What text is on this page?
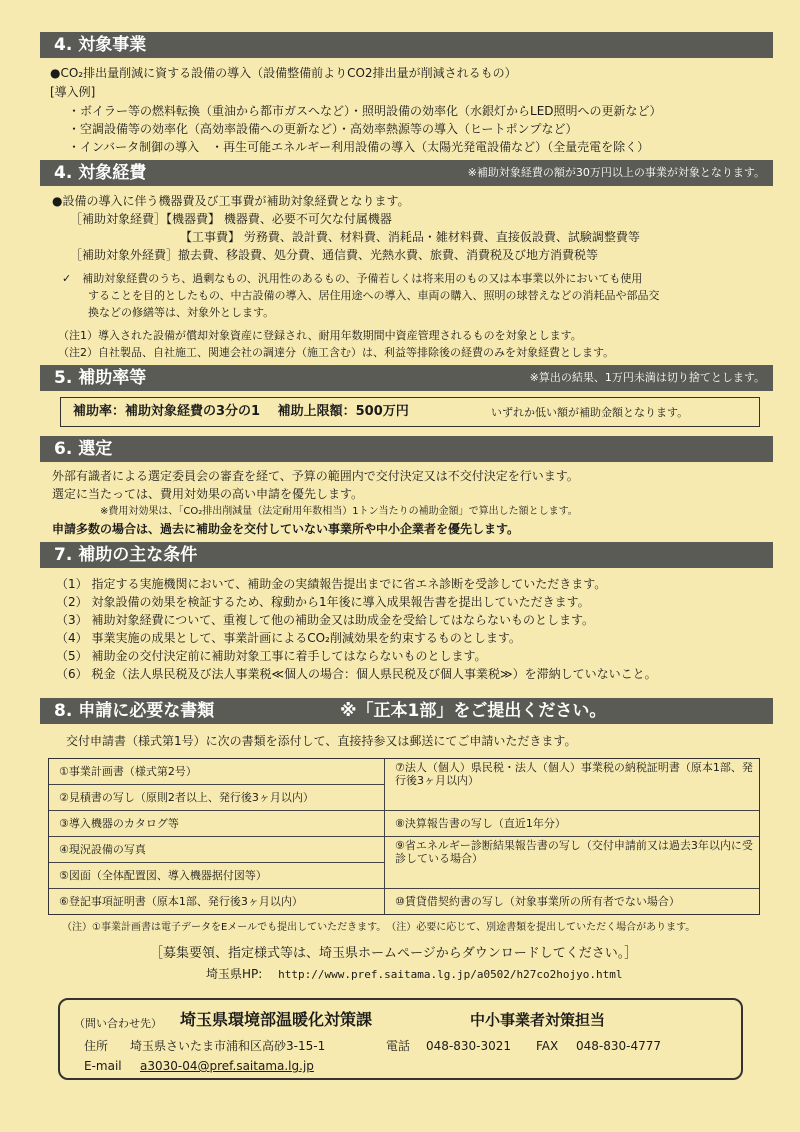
4. 対象事業
●CO₂排出量削減に資する設備の導入（設備整備前よりCO2排出量が削減されるもの）
[導入例]
・ボイラー等の燃料転換（重油から都市ガスへなど）・照明設備の効率化（水銀灯からLED照明への更新など）
・空調設備等の効率化（高効率設備への更新など）・高効率熱源等の導入（ヒートポンプなど）
・インバータ制御の導入　・再生可能エネルギー利用設備の導入（太陽光発電設備など）（全量売電を除く）
4. 対象経費	※補助対象経費の額が30万円以上の事業が対象となります。
●設備の導入に伴う機器費及び工事費が補助対象経費となります。
［補助対象経費］【機器費】 機器費、必要不可欠な付属機器
【工事費】 労務費、設計費、材料費、消耗品・雑材料費、直接仮設費、試験調整費等
［補助対象外経費］撤去費、移設費、処分費、通信費、光熱水費、旅費、消費税及び地方消費税等
✓　補助対象経費のうち、過剰なもの、汎用性のあるもの、予備若しくは将来用のもの又は本事業以外においても使用
することを目的としたもの、中古設備の導入、居住用途への導入、車両の購入、照明の球替えなどの消耗品や部品交
換などの修繕等は、対象外とします。
（注1）導入された設備が償却対象資産に登録され、耐用年数期間中資産管理されるものを対象とします。
（注2）自社製品、自社施工、関連会社の調達分（施工含む）は、利益等排除後の経費のみを対象経費とします。
5. 補助率等	※算出の結果、1万円未満は切り捨てとします。
補助率：補助対象経費の3分の1　 補助上限額：500万円	いずれか低い額が補助金額となります。
6. 選定
外部有識者による選定委員会の審査を経て、予算の範囲内で交付決定又は不交付決定を行います。
選定に当たっては、費用対効果の高い申請を優先します。
※費用対効果は、「CO₂排出削減量（法定耐用年数相当）1トン当たりの補助金額」で算出した額とします。
申請多数の場合は、過去に補助金を交付していない事業所や中小企業者を優先します。
7. 補助の主な条件
（1） 指定する実施機関において、補助金の実績報告提出までに省エネ診断を受診していただきます。
（2） 対象設備の効果を検証するため、稼動から1年後に導入成果報告書を提出していただきます。
（3） 補助対象経費について、重複して他の補助金又は助成金を受給してはならないものとします。
（4） 事業実施の成果として、事業計画によるCO₂削減効果を約束するものとします。
（5） 補助金の交付決定前に補助対象工事に着手してはならないものとします。
（6） 税金（法人県民税及び法人事業税≪個人の場合：個人県民税及び個人事業税≫）を滞納していないこと。
8. 申請に必要な書類	※「正本1部」をご提出ください。
交付申請書（様式第1号）に次の書類を添付して、直接持参又は郵送にてご申請いただきます。
①事業計画書（様式第2号）	⑦法人（個人）県民税・法人（個人）事業税の納税証明書（原本1部、発行後3ヶ月以内）
②見積書の写し（原則2者以上、発行後3ヶ月以内）
③導入機器のカタログ等	⑧決算報告書の写し（直近1年分）
④現況設備の写真	⑨省エネルギー診断結果報告書の写し（交付申請前又は過去3年以内に受診している場合）
⑤図面（全体配置図、導入機器据付図等）
⑥登記事項証明書（原本1部、発行後3ヶ月以内）	⑩賃貸借契約書の写し（対象事業所の所有者でない場合）
（注）①事業計画書は電子データをEメールでも提出していただきます。　（注）必要に応じて、別途書類を提出していただく場合があります。
［募集要領、指定様式等は、埼玉県ホームページからダウンロードしてください。］
埼玉県HP: http://www.pref.saitama.lg.jp/a0502/h27co2hojyo.html
（問い合わせ先） 埼玉県環境部温暖化対策課	中小事業者対策担当
住所 埼玉県さいたま市浦和区高砂3-15-1	電話 048-830-3021 FAX 048-830-4777
E-mail a3030-04@pref.saitama.lg.jp
